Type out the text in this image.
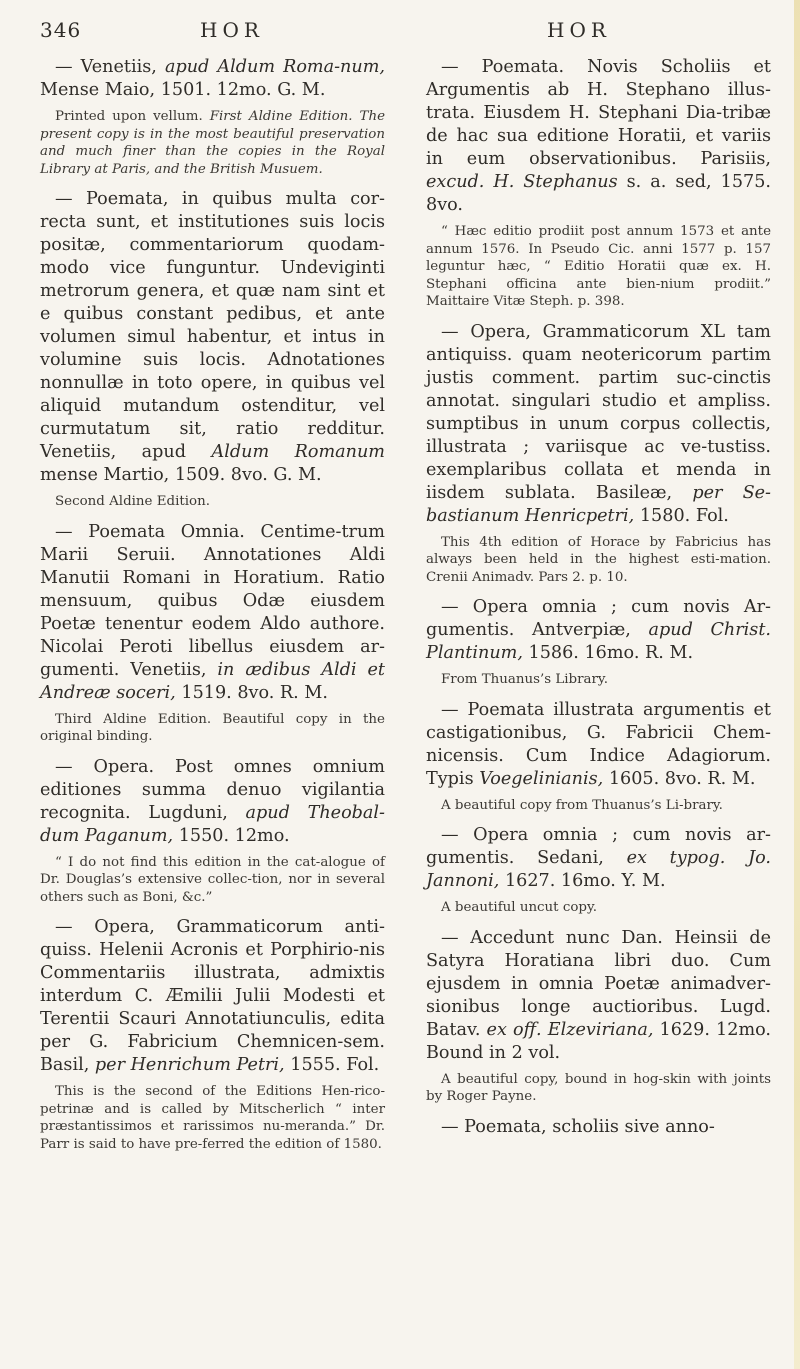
346	HOR	HOR

— Venetiis, apud Aldum Roma-num, Mense Maio, 1501. 12mo. G. M.

Printed upon vellum. First Aldine Edition. The present copy is in the most beautiful preservation and much finer than the copies in the Royal Library at Paris, and the British Musuem.

— Poemata, in quibus multa cor-recta sunt, et institutiones suis locis positæ, commentariorum quodam-modo vice funguntur. Undeviginti metrorum genera, et quæ nam sint et e quibus constant pedibus, et ante volumen simul habentur, et intus in volumine suis locis. Adnotationes nonnullæ in toto opere, in quibus vel aliquid mutandum ostenditur, vel curmutatum sit, ratio redditur. Venetiis, apud Aldum Romanum mense Martio, 1509. 8vo. G. M.

Second Aldine Edition.

— Poemata Omnia. Centime-trum Marii Seruii. Annotationes Aldi Manutii Romani in Horatium. Ratio mensuum, quibus Odæ eiusdem Poetæ tenentur eodem Aldo authore. Nicolai Peroti libellus eiusdem ar-gumenti. Venetiis, in ædibus Aldi et Andreæ soceri, 1519. 8vo. R. M.

Third Aldine Edition. Beautiful copy in the original binding.

— Opera. Post omnes omnium editiones summa denuo vigilantia recognita. Lugduni, apud Theobal-dum Paganum, 1550. 12mo.

“ I do not find this edition in the cat-alogue of Dr. Douglas’s extensive collec-tion, nor in several others such as Boni, &c.”

— Opera, Grammaticorum anti-quiss. Helenii Acronis et Porphirio-nis Commentariis illustrata, admixtis interdum C. Æmilii Julii Modesti et Terentii Scauri Annotatiunculis, edita per G. Fabricium Chemnicen-sem. Basil, per Henrichum Petri, 1555. Fol.

This is the second of the Editions Hen-rico-petrinæ and is called by Mitscherlich “ inter præstantissimos et rarissimos nu-meranda.” Dr. Parr is said to have pre-ferred the edition of 1580.

— Poemata. Novis Scholiis et Argumentis ab H. Stephano illus-trata. Eiusdem H. Stephani Dia-tribæ de hac sua editione Horatii, et variis in eum observationibus. Parisiis, excud. H. Stephanus s. a. sed, 1575. 8vo.

“ Hæc editio prodiit post annum 1573 et ante annum 1576. In Pseudo Cic. anni 1577 p. 157 leguntur hæc, “ Editio Horatii quæ ex. H. Stephani officina ante bien-nium prodiit.” Maittaire Vitæ Steph. p. 398.

— Opera, Grammaticorum XL tam antiquiss. quam neotericorum partim justis comment. partim suc-cinctis annotat. singulari studio et ampliss. sumptibus in unum corpus collectis, illustrata ; variisque ac ve-tustiss. exemplaribus collata et menda in iisdem sublata. Basileæ, per Se-bastianum Henricpetri, 1580. Fol.

This 4th edition of Horace by Fabricius has always been held in the highest esti-mation. Crenii Animadv. Pars 2. p. 10.

— Opera omnia ; cum novis Ar-gumentis. Antverpiæ, apud Christ. Plantinum, 1586. 16mo. R. M.

From Thuanus’s Library.

— Poemata illustrata argumentis et castigationibus, G. Fabricii Chem-nicensis. Cum Indice Adagiorum. Typis Voegelinianis, 1605. 8vo. R. M.

A beautiful copy from Thuanus’s Li-brary.

— Opera omnia ; cum novis ar-gumentis. Sedani, ex typog. Jo. Jannoni, 1627. 16mo. Y. M.

A beautiful uncut copy.

— Accedunt nunc Dan. Heinsii de Satyra Horatiana libri duo. Cum ejusdem in omnia Poetæ animadver-sionibus longe auctioribus. Lugd. Batav. ex off. Elzeviriana, 1629. 12mo. Bound in 2 vol.

A beautiful copy, bound in hog-skin with joints by Roger Payne.

— Poemata, scholiis sive anno-
